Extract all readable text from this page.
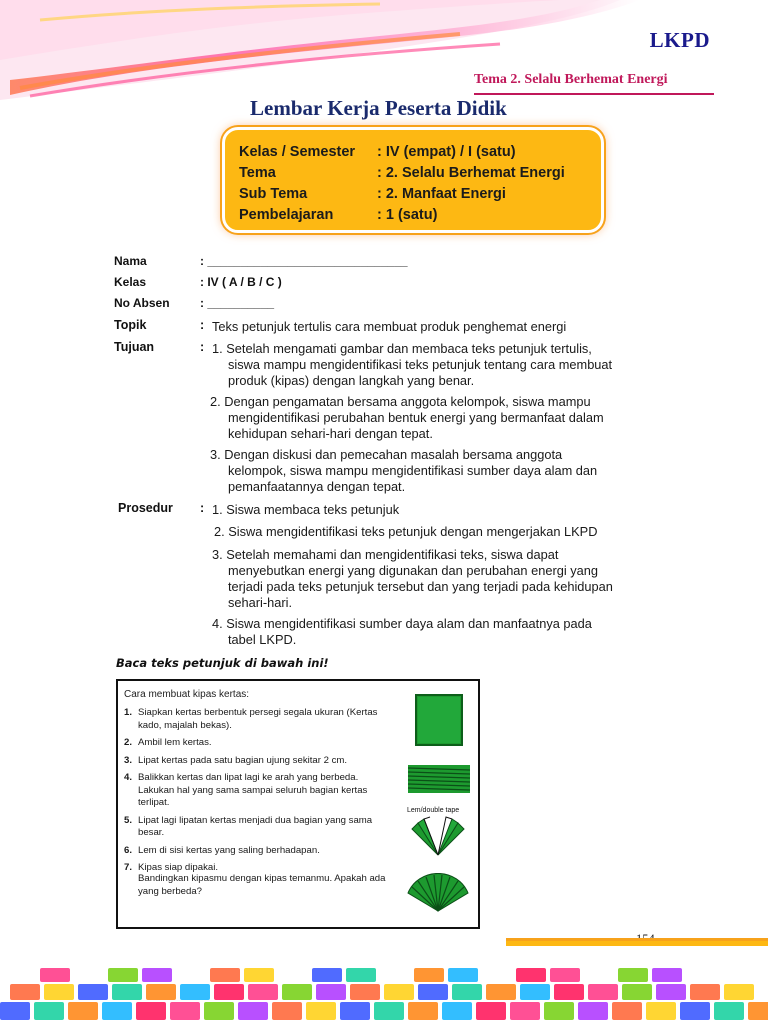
LKPD
Tema 2. Selalu Berhemat Energi
Lembar Kerja Peserta Didik
Kelas / Semester	: IV (empat) / I (satu)
Tema	: 2. Selalu Berhemat Energi
Sub Tema	: 2. Manfaat Energi
Pembelajaran	: 1 (satu)
Nama	: ______________________________
Kelas	: IV ( A / B / C )
No Absen	: __________
Topik	: Teks petunjuk tertulis cara membuat produk penghemat energi
Tujuan	: 1. Setelah mengamati gambar dan membaca teks petunjuk tertulis,
siswa mampu mengidentifikasi teks petunjuk tentang cara membuat
produk (kipas) dengan langkah yang benar.
2. Dengan pengamatan bersama anggota kelompok, siswa mampu
mengidentifikasi perubahan bentuk energi yang bermanfaat dalam
kehidupan sehari-hari dengan tepat.
3. Dengan diskusi dan pemecahan masalah bersama anggota
kelompok, siswa mampu mengidentifikasi sumber daya alam dan
pemanfaatannya dengan tepat.
Prosedur : 1. Siswa membaca teks petunjuk
2. Siswa mengidentifikasi teks petunjuk dengan mengerjakan LKPD
3. Setelah memahami dan mengidentifikasi teks, siswa dapat
menyebutkan energi yang digunakan dan perubahan energi yang
terjadi pada teks petunjuk tersebut dan yang terjadi pada kehidupan
sehari-hari.
4. Siswa mengidentifikasi sumber daya alam dan manfaatnya pada
tabel LKPD.
Baca teks petunjuk di bawah ini!
Cara membuat kipas kertas:
1. Siapkan kertas berbentuk persegi segala ukuran (Kertas kado, majalah bekas).
2. Ambil lem kertas.
3. Lipat kertas pada satu bagian ujung sekitar 2 cm.
4. Balikkan kertas dan lipat lagi ke arah yang berbeda. Lakukan hal yang sama sampai seluruh bagian kertas terlipat.
5. Lipat lagi lipatan kertas menjadi dua bagian yang sama besar.
6. Lem di sisi kertas yang saling berhadapan.
7. Kipas siap dipakai.
Bandingkan kipasmu dengan kipas temanmu. Apakah ada yang berbeda?
Lem/double tape
